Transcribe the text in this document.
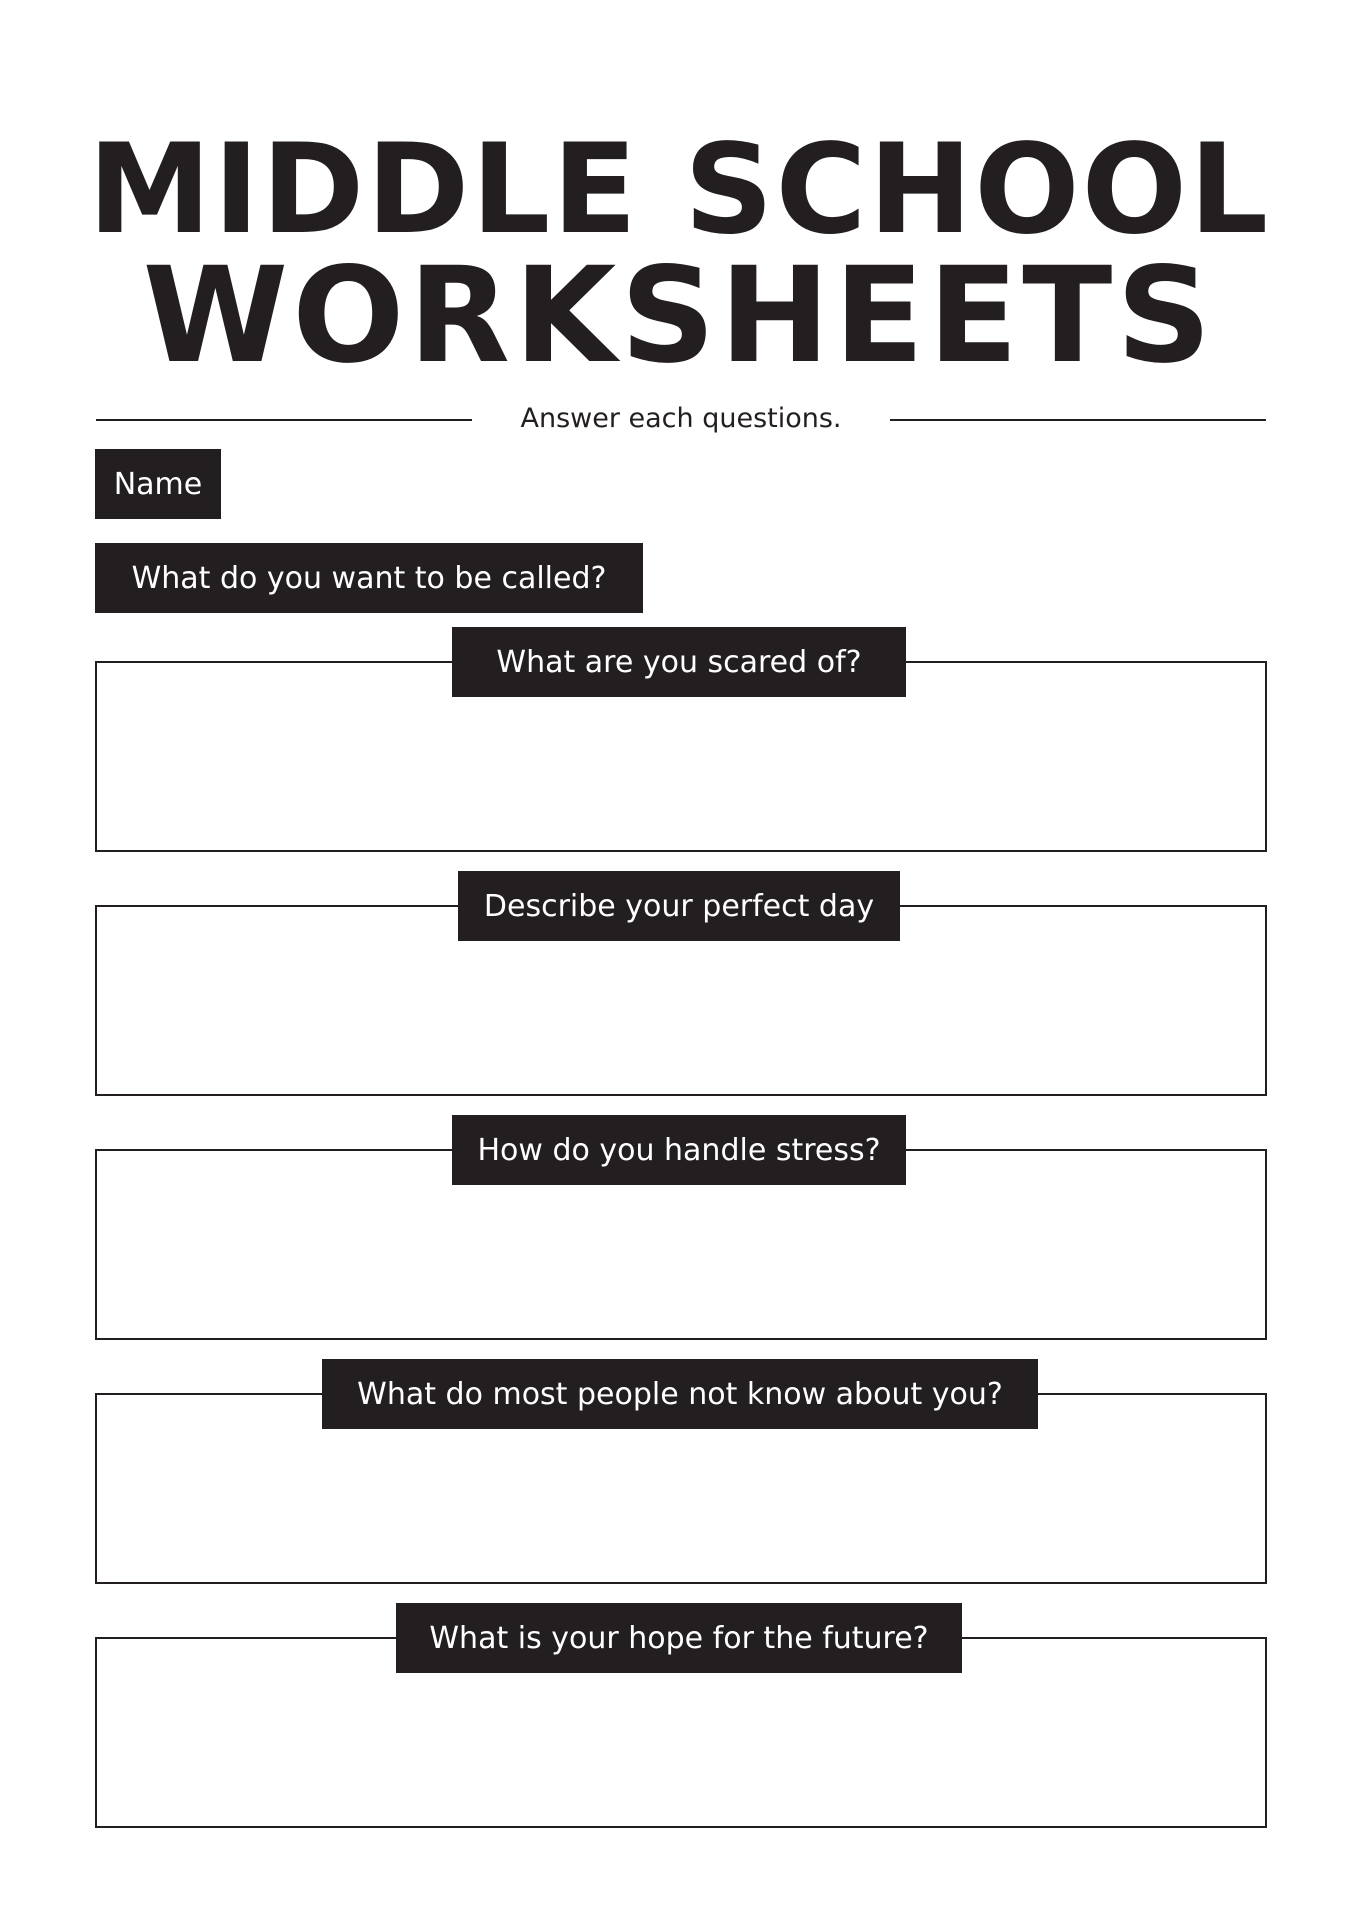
MIDDLE SCHOOL
WORKSHEETS
Answer each questions.
Name
What do you want to be called?
What are you scared of?
Describe your perfect day
How do you handle stress?
What do most people not know about you?
What is your hope for the future?
